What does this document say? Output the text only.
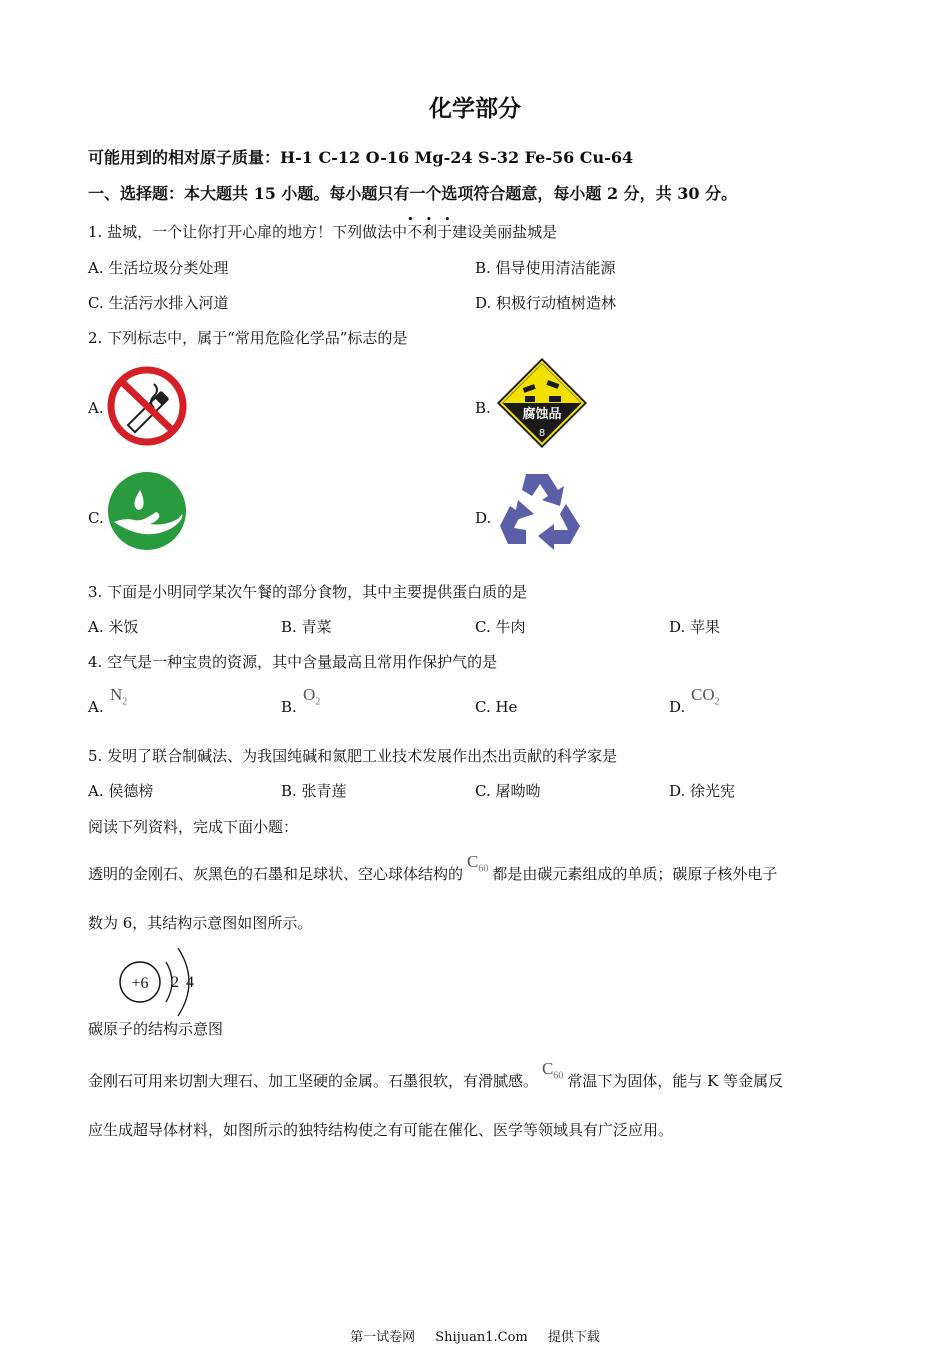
化学部分
可能用到的相对原子质量：H-1 C-12 O-16 Mg-24 S-32 Fe-56 Cu-64
一、选择题：本大题共 15 小题。每小题只有一个选项符合题意，每小题 2 分，共 30 分。
1. 盐城，一个让你打开心扉的地方！下列做法中
•••
不利于建设美丽盐城是
A. 生活垃圾分类处理	B. 倡导使用清洁能源
C. 生活污水排入河道	D. 积极行动植树造林
2. 下列标志中，属于“常用危险化学品”标志的是
A.	B. 腐蚀品
8
C.	D.
3. 下面是小明同学某次午餐的部分食物，其中主要提供蛋白质的是
A. 米饭	B. 青菜	C. 牛肉	D. 苹果
4. 空气是一种宝贵的资源，其中含量最高且常用作保护气的是
A.
$N_2$	B.
$O_2$	C. He	D.
$CO_2$
5. 发明了联合制碱法、为我国纯碱和氮肥工业技术发展作出杰出贡献的科学家是
A. 侯德榜	B. 张青莲	C. 屠呦呦	D. 徐光宪
阅读下列资料，完成下面小题：
透明的金刚石、灰黑色的石墨和足球状、空心球体结构的$C_{60}$ 都是由碳元素组成的单质；碳原子核外电子
数为 6，其结构示意图如图所示。
+6 2 4
碳原子的结构示意图
金刚石可用来切割大理石、加工坚硬的金属。石墨很软，有滑腻感。$C_{60}$ 常温下为固体，能与 K 等金属反
应生成超导体材料，如图所示的独特结构使之有可能在催化、医学等领域具有广泛应用。
第一试卷网 Shijuan1.Com 提供下载
